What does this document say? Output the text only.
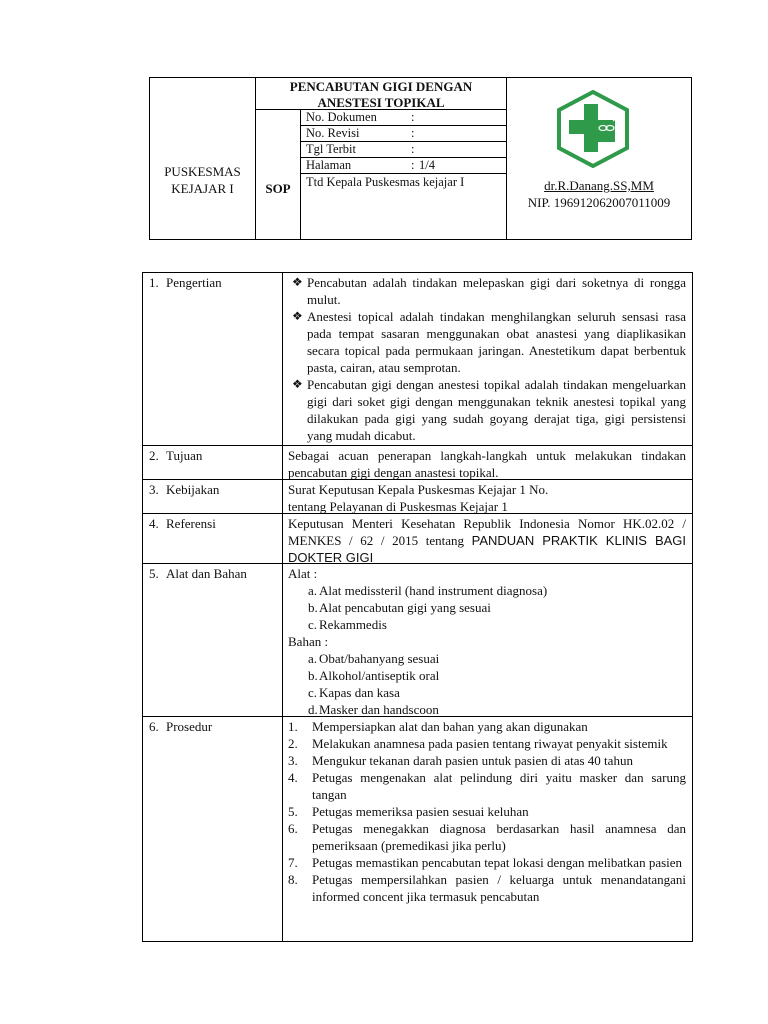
PUSKESMAS
KEJAJAR I
PENCABUTAN GIGI DENGAN
ANESTESI TOPIKAL
SOP
No. Dokumen	:
No. Revisi	:
Tgl Terbit	:
Halaman	: 1/4
Ttd Kepala Puskesmas kejajar I	dr.R.Danang.SS,MM
NIP. 196912062007011009
1. Pengertian	❖ Pencabutan adalah tindakan melepaskan gigi dari soketnya di rongga mulut.
❖ Anestesi topical adalah tindakan menghilangkan seluruh sensasi rasa pada tempat sasaran menggunakan obat anastesi yang diaplikasikan secara topical pada permukaan jaringan. Anestetikum dapat berbentuk pasta, cairan, atau semprotan.
❖ Pencabutan gigi dengan anestesi topikal adalah tindakan mengeluarkan gigi dari soket gigi dengan menggunakan teknik anestesi topikal yang dilakukan pada gigi yang sudah goyang derajat tiga, gigi persistensi yang mudah dicabut.
2. Tujuan	Sebagai acuan penerapan langkah-langkah untuk melakukan tindakan pencabutan gigi dengan anastesi topikal.
3. Kebijakan	Surat Keputusan Kepala Puskesmas Kejajar 1 No.
tentang Pelayanan di Puskesmas Kejajar 1
4. Referensi	Keputusan Menteri Kesehatan Republik Indonesia Nomor HK.02.02 / MENKES / 62 / 2015 tentang PANDUAN PRAKTIK KLINIS BAGI DOKTER GIGI
5. Alat dan Bahan	Alat :
a. Alat medissteril (hand instrument diagnosa)
b. Alat pencabutan gigi yang sesuai
c. Rekammedis
Bahan :
a. Obat/bahanyang sesuai
b. Alkohol/antiseptik oral
c. Kapas dan kasa
d. Masker dan handscoon
6. Prosedur	1. Mempersiapkan alat dan bahan yang akan digunakan
2. Melakukan anamnesa pada pasien tentang riwayat penyakit sistemik
3. Mengukur tekanan darah pasien untuk pasien di atas 40 tahun
4. Petugas mengenakan alat pelindung diri yaitu masker dan sarung tangan
5. Petugas memeriksa pasien sesuai keluhan
6. Petugas menegakkan diagnosa berdasarkan hasil anamnesa dan pemeriksaan (premedikasi jika perlu)
7. Petugas memastikan pencabutan tepat lokasi dengan melibatkan pasien
8. Petugas mempersilahkan pasien / keluarga untuk menandatangani informed concent jika termasuk pencabutan
